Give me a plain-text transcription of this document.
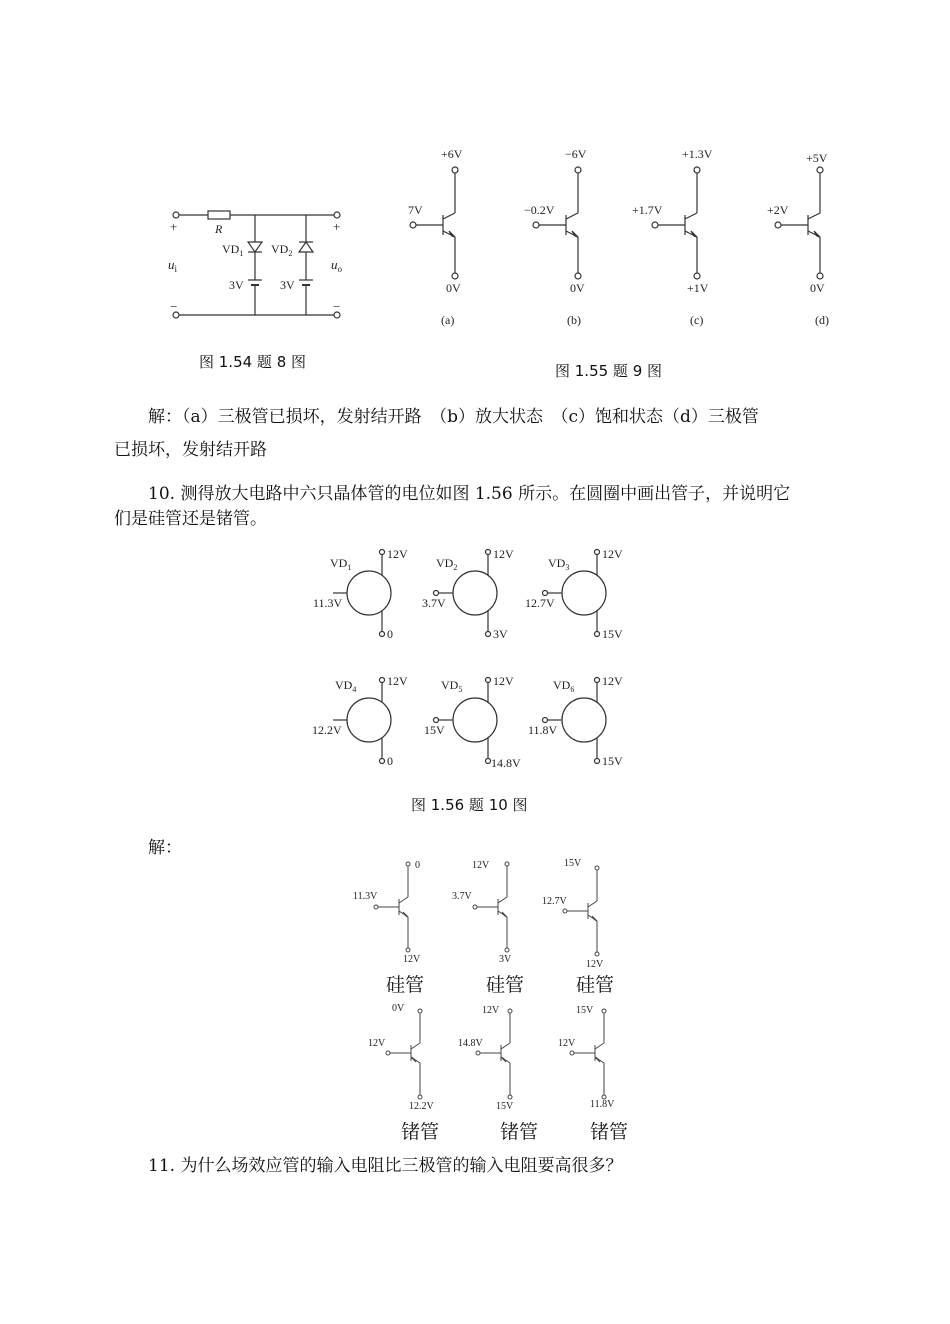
+	+
−	−
R
$u_i$	$u_o$
$VD_1$ $VD_2$
3V	3V
+6V
7V
0V
(a)
−6V
−0.2V
0V
(b)
+1.3V
+1.7V
+1V
(c)
+5V
+2V
0V
(d)
$VD_1$
12V
11.3V
0
$VD_2$
12V
3.7V
3V
$VD_3$
12V
12.7V
15V
$VD_4$
12V
12.2V
0
$VD_5$
12V
15V
14.8V
$VD_6$
12V
11.8V
15V
0
11.3V
12V
12V
3.7V
3V
15V
12.7V
12V
0V
12V
12.2V
12V
14.8V
15V
15V
12V
11.8V
图 1.54 题 8 图	图 1.55 题 9 图
解：（a）三极管已损坏，发射结开路　（b）放大状态　（c）饱和状态（d）三极管
已损坏，发射结开路
10. 测得放大电路中六只晶体管的电位如图 1.56 所示。在圆圈中画出管子，并说明它
们是硅管还是锗管。
图 1.56 题 10 图
解：
硅管	硅管	硅管
锗管	锗管	锗管
11. 为什么场效应管的输入电阻比三极管的输入电阻要高很多？
